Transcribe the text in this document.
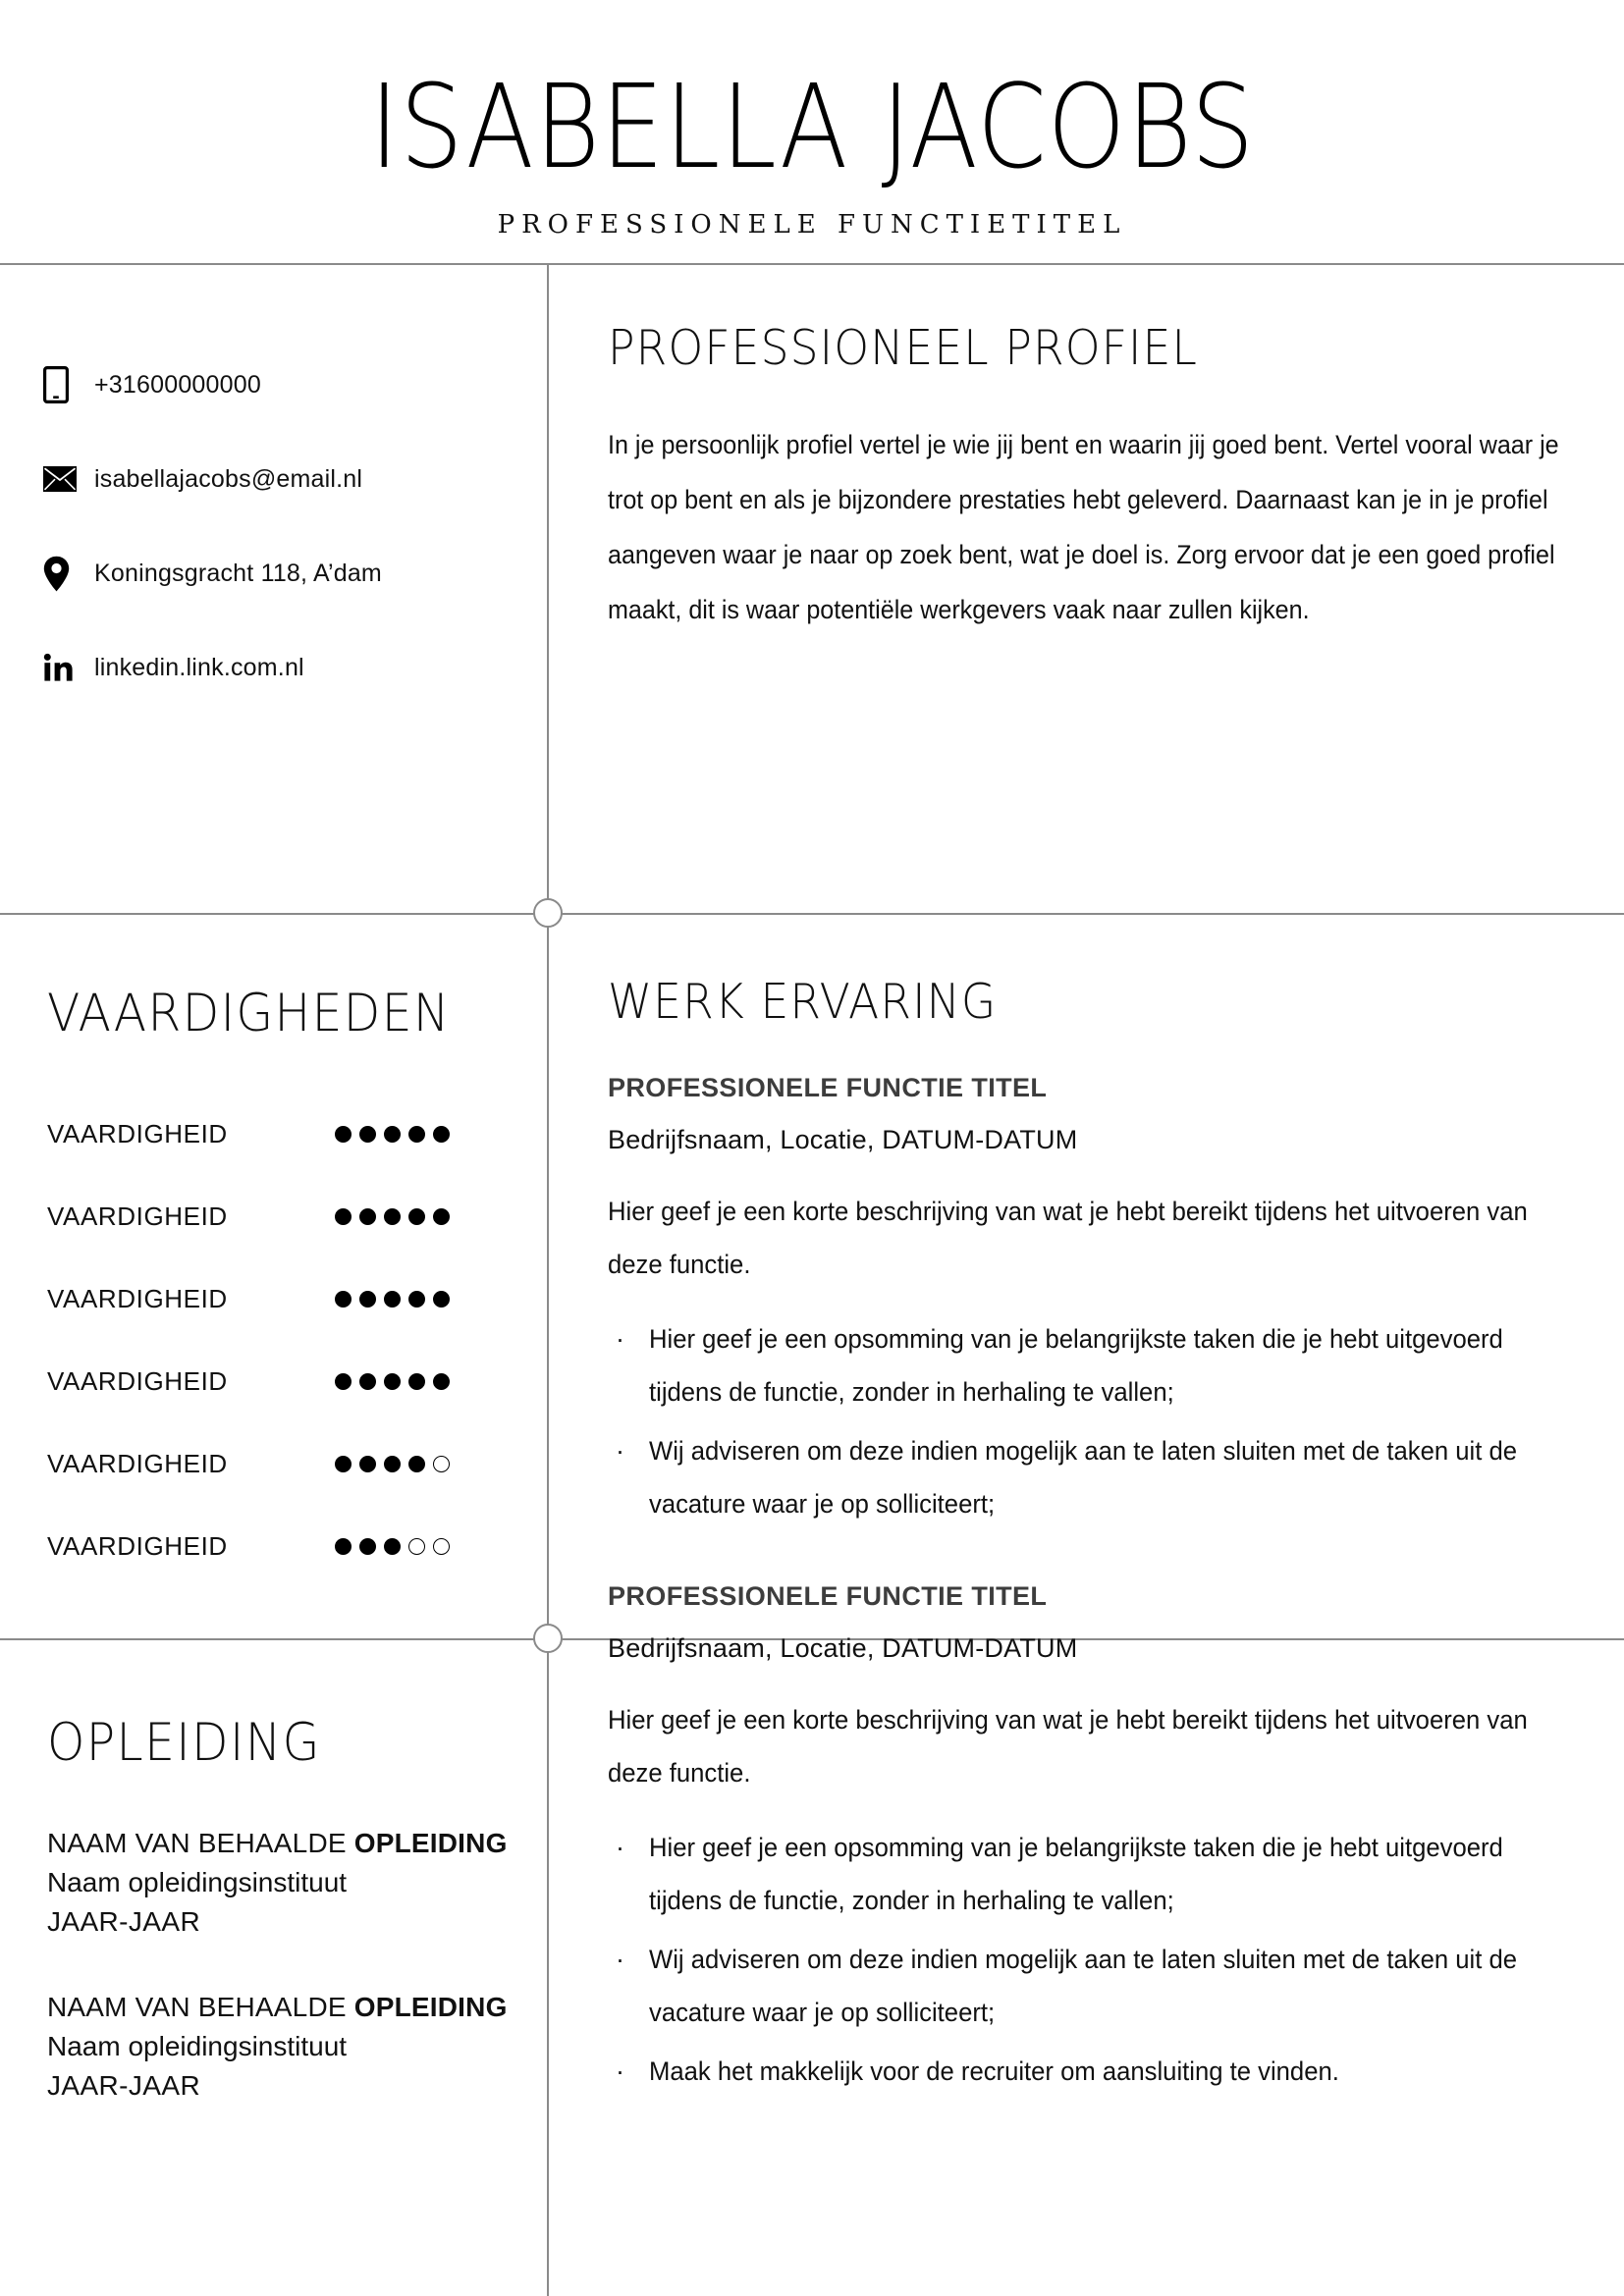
ISABELLA JACOBS
PROFESSIONELE FUNCTIETITEL
+31600000000
isabellajacobs@email.nl
Koningsgracht 118, A’dam
linkedin.link.com.nl
VAARDIGHEDEN
VAARDIGHEID
VAARDIGHEID
VAARDIGHEID
VAARDIGHEID
VAARDIGHEID
VAARDIGHEID
OPLEIDING
NAAM VAN BEHAALDE OPLEIDING
Naam opleidingsinstituut
JAAR-JAAR
NAAM VAN BEHAALDE OPLEIDING
Naam opleidingsinstituut
JAAR-JAAR
PROFESSIONEEL PROFIEL
In je persoonlijk profiel vertel je wie jij bent en waarin jij goed bent. Vertel vooral waar je trot op bent en als je bijzondere prestaties hebt geleverd. Daarnaast kan je in je profiel aangeven waar je naar op zoek bent, wat je doel is. Zorg ervoor dat je een goed profiel maakt, dit is waar potentiële werkgevers vaak naar zullen kijken.
WERK ERVARING
PROFESSIONELE FUNCTIE TITEL
Bedrijfsnaam, Locatie, DATUM-DATUM
Hier geef je een korte beschrijving van wat je hebt bereikt tijdens het uitvoeren van deze functie.
· Hier geef je een opsomming van je belangrijkste taken die je hebt uitgevoerd tijdens de functie, zonder in herhaling te vallen;
· Wij adviseren om deze indien mogelijk aan te laten sluiten met de taken uit de vacature waar je op solliciteert;
PROFESSIONELE FUNCTIE TITEL
Bedrijfsnaam, Locatie, DATUM-DATUM
Hier geef je een korte beschrijving van wat je hebt bereikt tijdens het uitvoeren van deze functie.
· Hier geef je een opsomming van je belangrijkste taken die je hebt uitgevoerd tijdens de functie, zonder in herhaling te vallen;
· Wij adviseren om deze indien mogelijk aan te laten sluiten met de taken uit de vacature waar je op solliciteert;
· Maak het makkelijk voor de recruiter om aansluiting te vinden.
